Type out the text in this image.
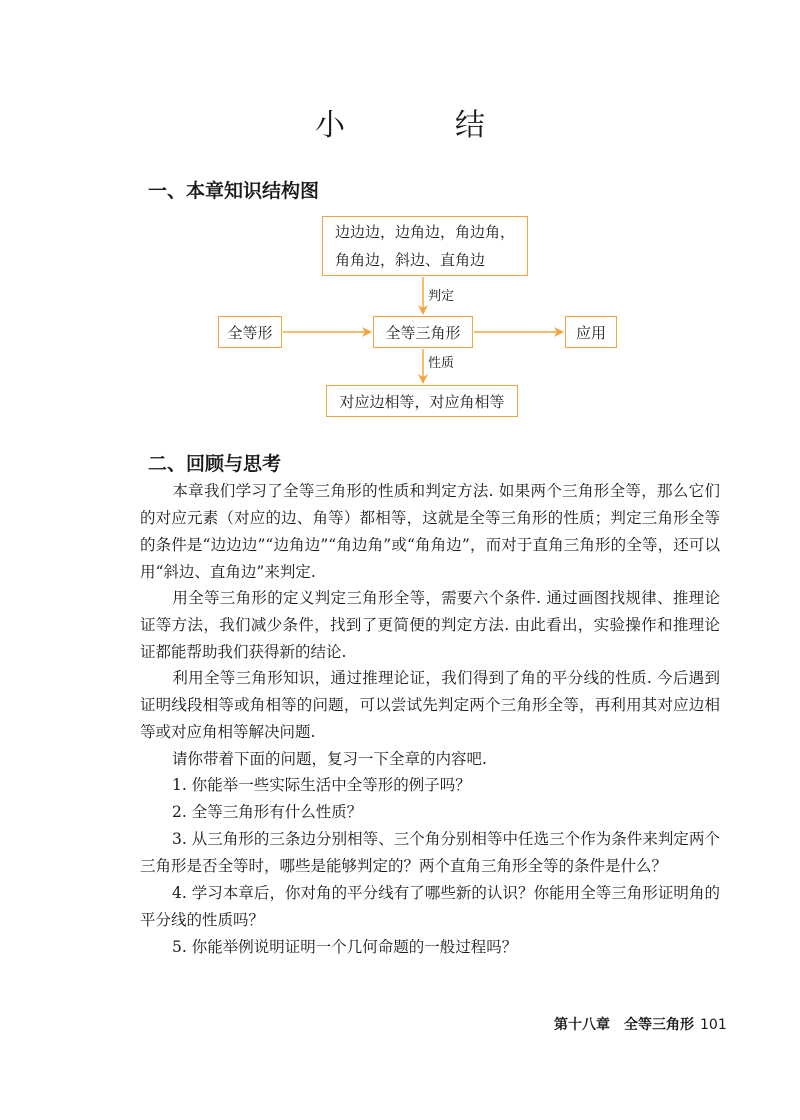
小　结
一、本章知识结构图
边边边，边角边，角边角，
角角边，斜边、直角边
判定
全等形	全等三角形	应用
性质
对应边相等，对应角相等
二、回顾与思考

本章我们学习了全等三角形的性质和判定方法. 如果两个三角形全等，那么它们的对应元素（对应的边、角等）都相等，这就是全等三角形的性质；判定三角形全等的条件是“边边边”“边角边”“角边角”或“角角边”，而对于直角三角形的全等，还可以用“斜边、直角边”来判定.

用全等三角形的定义判定三角形全等，需要六个条件. 通过画图找规律、推理论证等方法，我们减少条件，找到了更简便的判定方法. 由此看出，实验操作和推理论证都能帮助我们获得新的结论.

利用全等三角形知识，通过推理论证，我们得到了角的平分线的性质. 今后遇到证明线段相等或角相等的问题，可以尝试先判定两个三角形全等，再利用其对应边相等或对应角相等解决问题.

请你带着下面的问题，复习一下全章的内容吧.

1. 你能举一些实际生活中全等形的例子吗？

2. 全等三角形有什么性质？

3. 从三角形的三条边分别相等、三个角分别相等中任选三个作为条件来判定两个三角形是否全等时，哪些是能够判定的？两个直角三角形全等的条件是什么？

4. 学习本章后，你对角的平分线有了哪些新的认识？你能用全等三角形证明角的平分线的性质吗？

5. 你能举例说明证明一个几何命题的一般过程吗？

第十八章　全等三角形 101
